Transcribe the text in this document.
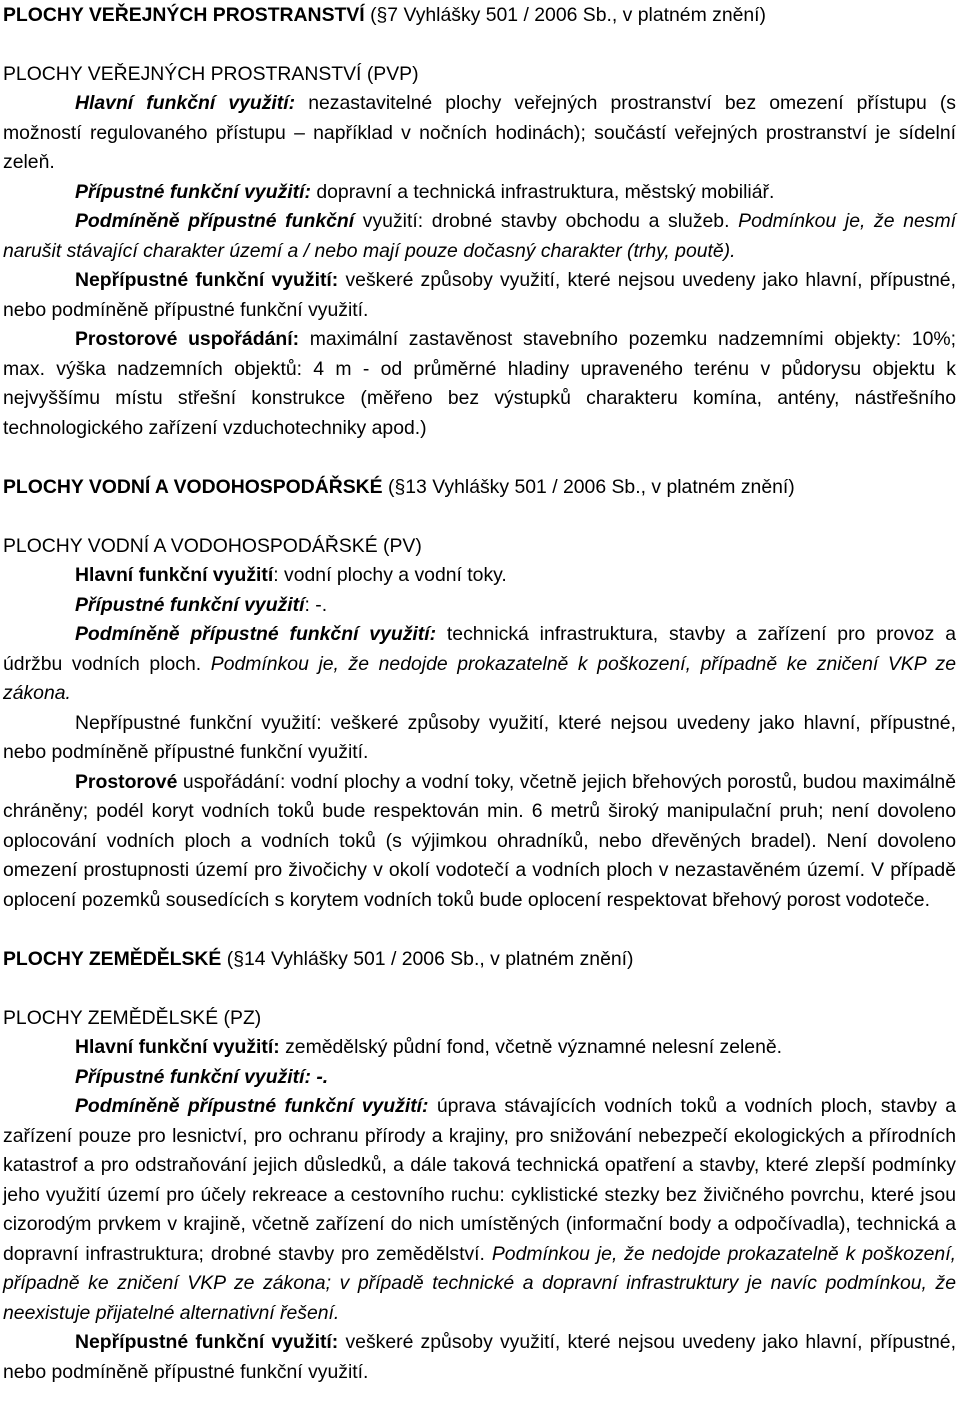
PLOCHY VEŘEJNÝCH PROSTRANSTVÍ (§7 Vyhlášky 501 / 2006 Sb., v platném znění)

PLOCHY VEŘEJNÝCH PROSTRANSTVÍ (PVP)

Hlavní funkční využití: nezastavitelné plochy veřejných prostranství bez omezení přístupu (s možností regulovaného přístupu – například v nočních hodinách); součástí veřejných prostranství je sídelní zeleň.

Přípustné funkční využití: dopravní a technická infrastruktura, městský mobiliář.

Podmíněně přípustné funkční využití: drobné stavby obchodu a služeb. Podmínkou je, že nesmí narušit stávající charakter území a / nebo mají pouze dočasný charakter (trhy, poutě).

Nepřípustné funkční využití: veškeré způsoby využití, které nejsou uvedeny jako hlavní, přípustné, nebo podmíněně přípustné funkční využití.

Prostorové uspořádání: maximální zastavěnost stavebního pozemku nadzemními objekty: 10%; max. výška nadzemních objektů: 4 m - od průměrné hladiny upraveného terénu v půdorysu objektu k nejvyššímu místu střešní konstrukce (měřeno bez výstupků charakteru komína, antény, nástřešního technologického zařízení vzduchotechniky apod.)

PLOCHY VODNÍ A VODOHOSPODÁŘSKÉ (§13 Vyhlášky 501 / 2006 Sb., v platném znění)

PLOCHY VODNÍ A VODOHOSPODÁŘSKÉ (PV)

Hlavní funkční využití: vodní plochy a vodní toky.

Přípustné funkční využití: -.

Podmíněně přípustné funkční využití: technická infrastruktura, stavby a zařízení pro provoz a údržbu vodních ploch. Podmínkou je, že nedojde prokazatelně k poškození, případně ke zničení VKP ze zákona.

Nepřípustné funkční využití: veškeré způsoby využití, které nejsou uvedeny jako hlavní, přípustné, nebo podmíněně přípustné funkční využití.

Prostorové uspořádání: vodní plochy a vodní toky, včetně jejich břehových porostů, budou maximálně chráněny; podél koryt vodních toků bude respektován min. 6 metrů široký manipulační pruh; není dovoleno oplocování vodních ploch a vodních toků (s výjimkou ohradníků, nebo dřevěných bradel). Není dovoleno omezení prostupnosti území pro živočichy v okolí vodotečí a vodních ploch v nezastavěném území. V případě oplocení pozemků sousedících s korytem vodních toků bude oplocení respektovat břehový porost vodoteče.

PLOCHY ZEMĚDĚLSKÉ (§14 Vyhlášky 501 / 2006 Sb., v platném znění)

PLOCHY ZEMĚDĚLSKÉ (PZ)

Hlavní funkční využití: zemědělský půdní fond, včetně významné nelesní zeleně.

Přípustné funkční využití: -.

Podmíněně přípustné funkční využití: úprava stávajících vodních toků a vodních ploch, stavby a zařízení pouze pro lesnictví, pro ochranu přírody a krajiny, pro snižování nebezpečí ekologických a přírodních katastrof a pro odstraňování jejich důsledků, a dále taková technická opatření a stavby, které zlepší podmínky jeho využití území pro účely rekreace a cestovního ruchu: cyklistické stezky bez živičného povrchu, které jsou cizorodým prvkem v krajině, včetně zařízení do nich umístěných (informační body a odpočívadla), technická a dopravní infrastruktura; drobné stavby pro zemědělství. Podmínkou je, že nedojde prokazatelně k poškození, případně ke zničení VKP ze zákona; v případě technické a dopravní infrastruktury je navíc podmínkou, že neexistuje přijatelné alternativní řešení.

Nepřípustné funkční využití: veškeré způsoby využití, které nejsou uvedeny jako hlavní, přípustné, nebo podmíněně přípustné funkční využití.
